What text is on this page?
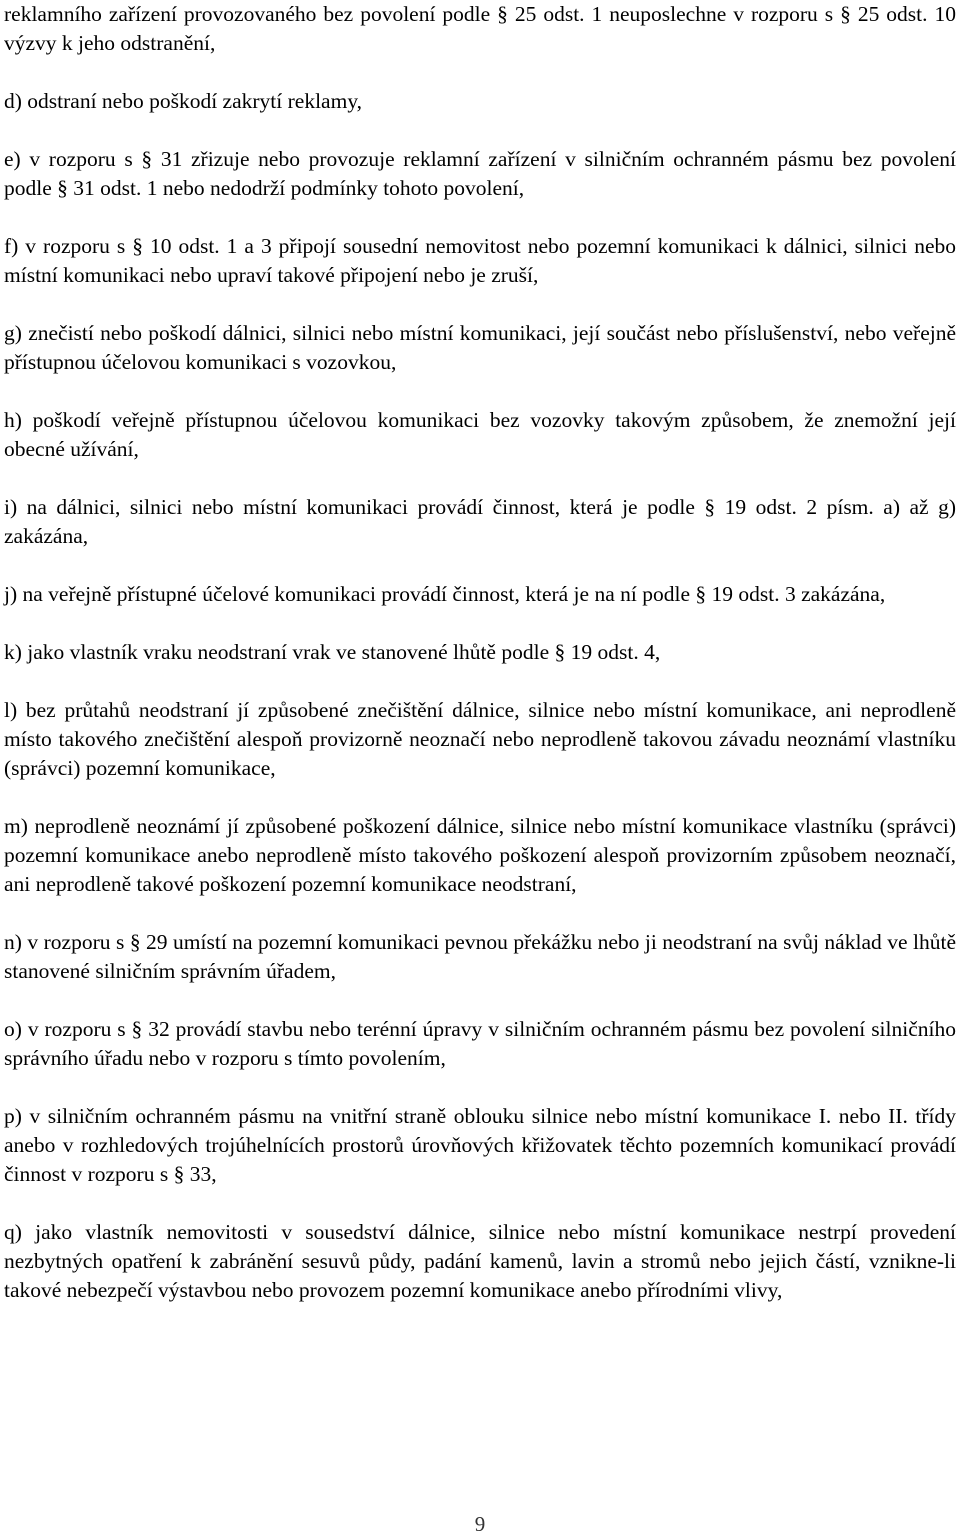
reklamního zařízení provozovaného bez povolení podle § 25 odst. 1 neuposlechne v rozporu s § 25 odst. 10 výzvy k jeho odstranění,

d) odstraní nebo poškodí zakrytí reklamy,

e) v rozporu s § 31 zřizuje nebo provozuje reklamní zařízení v silničním ochranném pásmu bez povolení podle § 31 odst. 1 nebo nedodrží podmínky tohoto povolení,

f) v rozporu s § 10 odst. 1 a 3 připojí sousední nemovitost nebo pozemní komunikaci k dálnici, silnici nebo místní komunikaci nebo upraví takové připojení nebo je zruší,

g) znečistí nebo poškodí dálnici, silnici nebo místní komunikaci, její součást nebo příslušenství, nebo veřejně přístupnou účelovou komunikaci s vozovkou,

h) poškodí veřejně přístupnou účelovou komunikaci bez vozovky takovým způsobem, že znemožní její obecné užívání,

i) na dálnici, silnici nebo místní komunikaci provádí činnost, která je podle § 19 odst. 2 písm. a) až g) zakázána,

j) na veřejně přístupné účelové komunikaci provádí činnost, která je na ní podle § 19 odst. 3 zakázána,

k) jako vlastník vraku neodstraní vrak ve stanovené lhůtě podle § 19 odst. 4,

l) bez průtahů neodstraní jí způsobené znečištění dálnice, silnice nebo místní komunikace, ani neprodleně místo takového znečištění alespoň provizorně neoznačí nebo neprodleně takovou závadu neoznámí vlastníku (správci) pozemní komunikace,

m) neprodleně neoznámí jí způsobené poškození dálnice, silnice nebo místní komunikace vlastníku (správci) pozemní komunikace anebo neprodleně místo takového poškození alespoň provizorním způsobem neoznačí, ani neprodleně takové poškození pozemní komunikace neodstraní,

n) v rozporu s § 29 umístí na pozemní komunikaci pevnou překážku nebo ji neodstraní na svůj náklad ve lhůtě stanovené silničním správním úřadem,

o) v rozporu s § 32 provádí stavbu nebo terénní úpravy v silničním ochranném pásmu bez povolení silničního správního úřadu nebo v rozporu s tímto povolením,

p) v silničním ochranném pásmu na vnitřní straně oblouku silnice nebo místní komunikace I. nebo II. třídy anebo v rozhledových trojúhelnících prostorů úrovňových křižovatek těchto pozemních komunikací provádí činnost v rozporu s § 33,

q) jako vlastník nemovitosti v sousedství dálnice, silnice nebo místní komunikace nestrpí provedení nezbytných opatření k zabránění sesuvů půdy, padání kamenů, lavin a stromů nebo jejich částí, vznikne-li takové nebezpečí výstavbou nebo provozem pozemní komunikace anebo přírodními vlivy,

9
